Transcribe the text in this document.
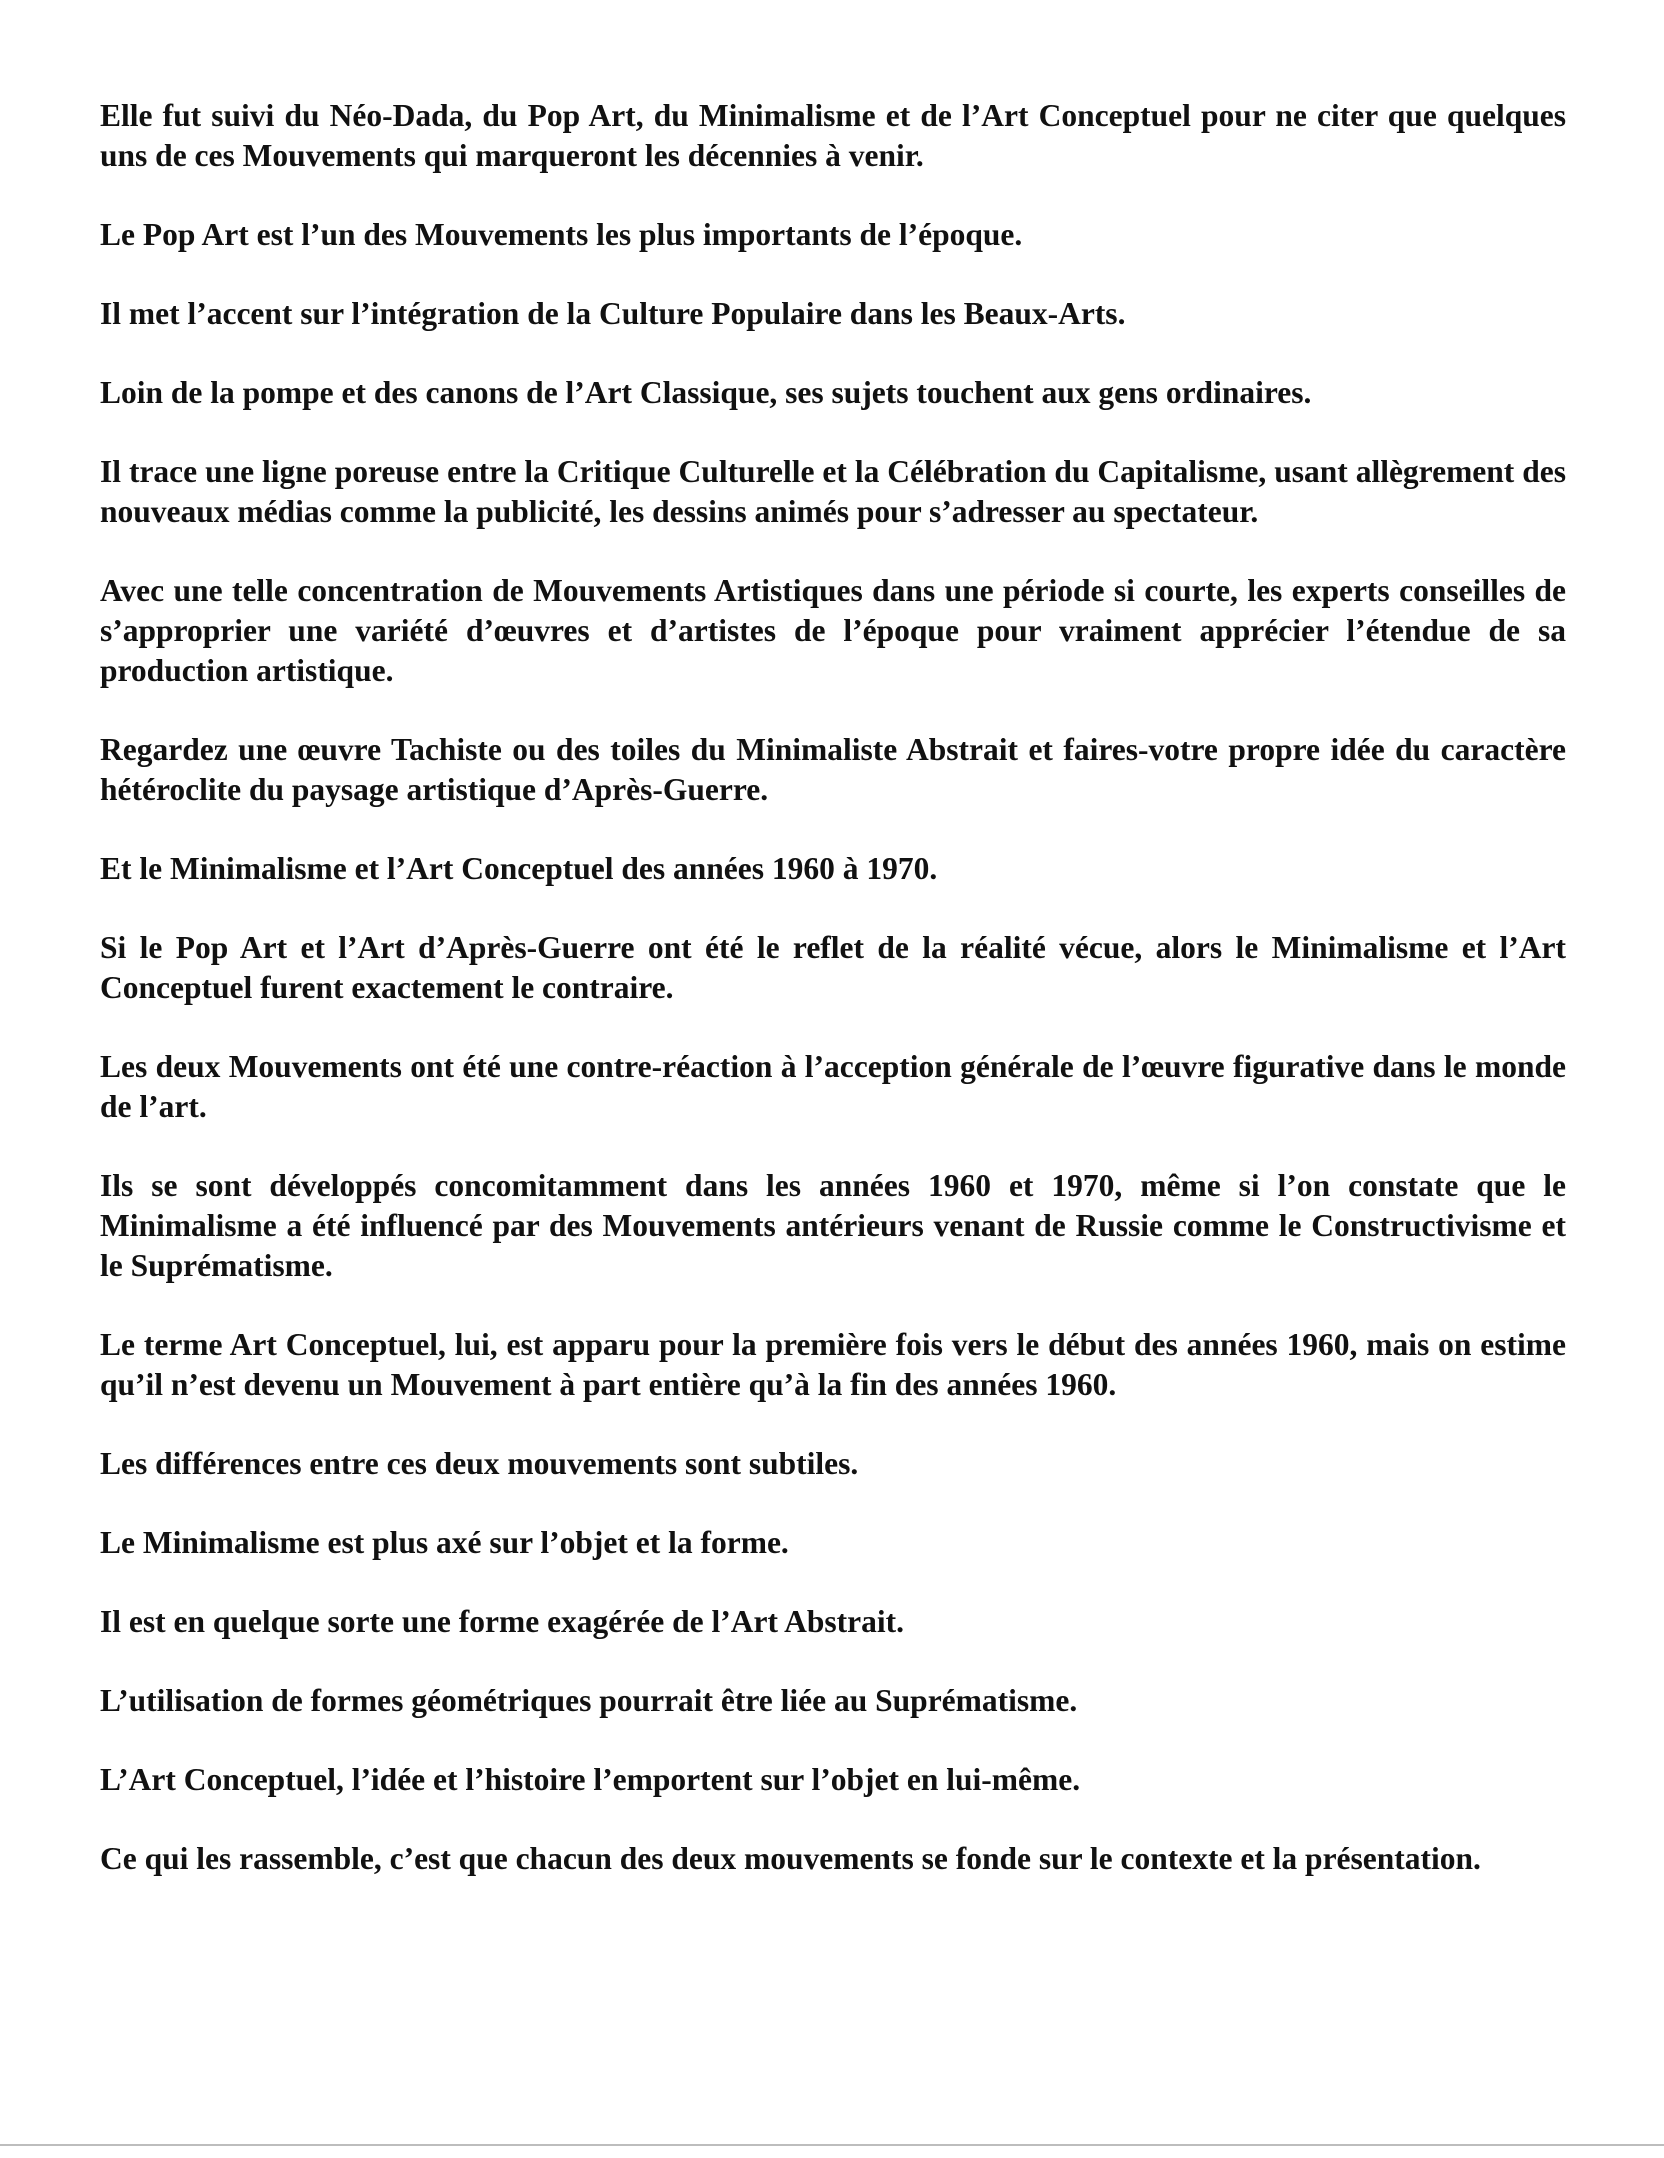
Elle fut suivi du Néo-Dada, du Pop Art, du Minimalisme et de l’Art Conceptuel pour ne citer que quelques uns de ces Mouvements qui marqueront les décennies à venir.

Le Pop Art est l’un des Mouvements les plus importants de l’époque.

Il met l’accent sur l’intégration de la Culture Populaire dans les Beaux-Arts.

Loin de la pompe et des canons de l’Art Classique, ses sujets touchent aux gens ordinaires.

Il trace une ligne poreuse entre la Critique Culturelle et la Célébration du Capitalisme, usant allègrement des nouveaux médias comme la publicité, les dessins animés pour s’adresser au spectateur.

Avec une telle concentration de Mouvements Artistiques dans une période si courte, les experts conseilles de s’approprier une variété d’œuvres et d’artistes de l’époque pour vraiment apprécier l’étendue de sa production artistique.

Regardez une œuvre Tachiste ou des toiles du Minimaliste Abstrait et faires-votre propre idée du caractère hétéroclite du paysage artistique d’Après-Guerre.

Et le Minimalisme et l’Art Conceptuel des années 1960 à 1970.

Si le Pop Art et l’Art d’Après-Guerre ont été le reflet de la réalité vécue, alors le Minimalisme et l’Art Conceptuel furent exactement le contraire.

Les deux Mouvements ont été une contre-réaction à l’acception générale de l’œuvre figurative dans le monde de l’art.

Ils se sont développés concomitamment dans les années 1960 et 1970, même si l’on constate que le Minimalisme a été influencé par des Mouvements antérieurs venant de Russie comme le Constructivisme et le Suprématisme.

Le terme Art Conceptuel, lui, est apparu pour la première fois vers le début des années 1960, mais on estime qu’il n’est devenu un Mouvement à part entière qu’à la fin des années 1960.

Les différences entre ces deux mouvements sont subtiles.

Le Minimalisme est plus axé sur l’objet et la forme.

Il est en quelque sorte une forme exagérée de l’Art Abstrait.

L’utilisation de formes géométriques pourrait être liée au Suprématisme.

L’Art Conceptuel, l’idée et l’histoire l’emportent sur l’objet en lui-même.

Ce qui les rassemble, c’est que chacun des deux mouvements se fonde sur le contexte et la présentation.
